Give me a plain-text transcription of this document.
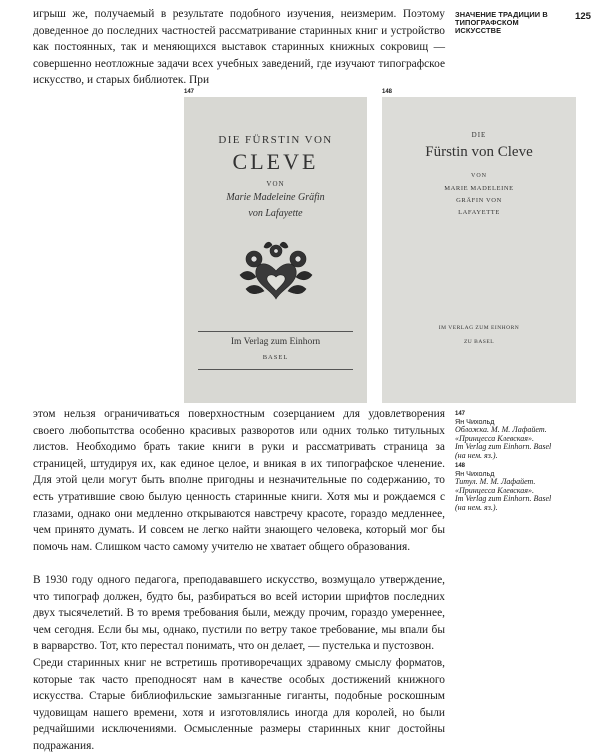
игрыш же, получаемый в результате подобного изучения, неизмерим. Поэтому доведенное до последних частностей рассматривание старинных книг и устройство как постоянных, так и меняющихся выставок старинных книжных сокровищ — совершенно неотложные задачи всех учебных заведений, где изучают типографское искусство, и старых библиотек. При

ЗНАЧЕНИЕ ТРАДИЦИИ В ТИПОГРАФСКОМ ИСКУССТВЕ
125
147

DIE FÜRSTIN VON

CLEVE

VON

Marie Madeleine Gräfin

von Lafayette

Im Verlag zum Einhorn

BASEL

148

DIE

Fürstin von Cleve

VON

MARIE MADELEINE

GRÄFIN VON

LAFAYETTE

IM VERLAG ZUM EINHORN

ZU BASEL

147
Ян Чихольд
Обложка. М. М. Лафайет.
«Принцесса Клевская».
Im Verlag zum Einhorn. Basel
(на нем. яз.).
148
Ян Чихольд
Титул. М. М. Лафайет.
«Принцесса Клевская».
Im Verlag zum Einhorn. Basel
(на нем. яз.).

этом нельзя ограничиваться поверхностным созерцанием для удовлетворения своего любопытства особенно красивых разворотов или одних только титульных листов. Необходимо брать такие книги в руки и рассматривать страница за страницей, штудируя их, как единое целое, и вникая в их типографское членение. Для этой цели могут быть вполне пригодны и незначительные по содержанию, то есть утратившие свою былую ценность старинные книги. Хотя мы и рождаемся с глазами, однако они медленно открываются навстречу красоте, гораздо медленнее, чем принято думать. И совсем не легко найти знающего человека, который мог бы помочь нам. Слишком часто самому учителю не хватает общего образования.

В 1930 году одного педагога, преподававшего искусство, возмущало утверждение, что типограф должен, будто бы, разбираться во всей истории шрифтов последних двух тысячелетий. В то время требования были, между прочим, гораздо умереннее, чем сегодня. Если бы мы, однако, пустили по ветру такое требование, мы впали бы в варварство. Тот, кто перестал понимать, что он делает, — пустелька и пустозвон.

Среди старинных книг не встретишь противоречащих здравому смыслу форматов, которые так часто преподносят нам в качестве особых достижений книжного искусства. Старые библиофильские замызганные гиганты, подобные роскошным чудовищам нашего времени, хотя и изготовлялись иногда для королей, но были редчайшими исключениями. Осмысленные размеры старинных книг достойны подражания.
